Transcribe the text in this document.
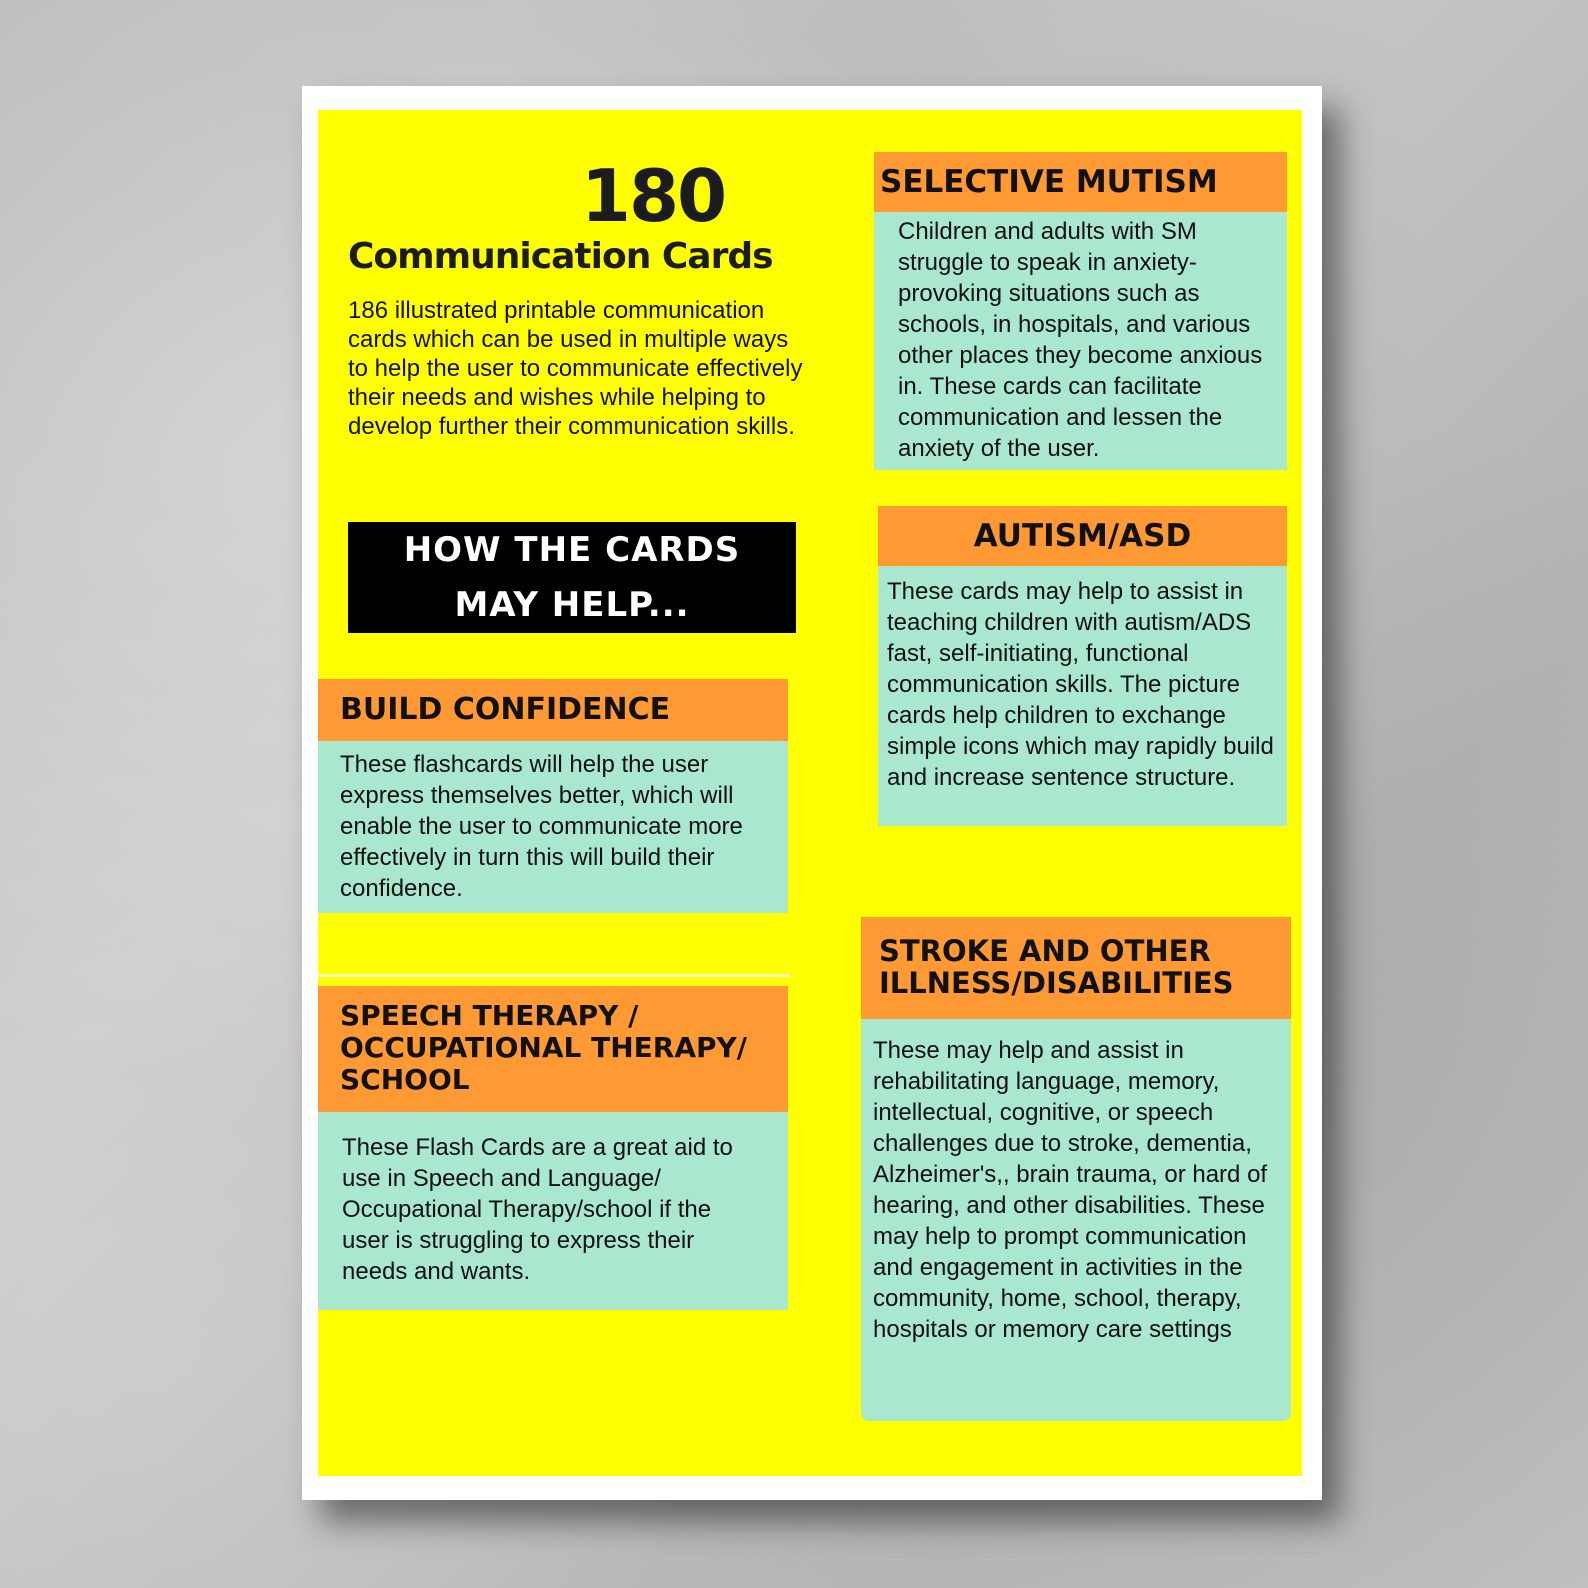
180
Communication Cards

186 illustrated printable communication cards which can be used in multiple ways to help the user to communicate effectively their needs and wishes while helping to develop further their communication skills.

HOW THE CARDS MAY HELP...
BUILD CONFIDENCE
These flashcards will help the user express themselves better, which will enable the user to communicate more effectively in turn this will build their confidence.
SPEECH THERAPY / OCCUPATIONAL THERAPY/ SCHOOL
These Flash Cards are a great aid to use in Speech and Language/ Occupational Therapy/school if the user is struggling to express their needs and wants.
SELECTIVE MUTISM
Children and adults with SM struggle to speak in anxiety-provoking situations such as schools, in hospitals, and various other places they become anxious in. These cards can facilitate communication and lessen the anxiety of the user.
AUTISM/ASD
These cards may help to assist in teaching children with autism/ADS fast, self-initiating, functional communication skills. The picture cards help children to exchange simple icons which may rapidly build and increase sentence structure.
STROKE AND OTHER ILLNESS/DISABILITIES
These may help and assist in rehabilitating language, memory, intellectual, cognitive, or speech challenges due to stroke, dementia, Alzheimer's,, brain trauma, or hard of hearing, and other disabilities. These may help to prompt communication and engagement in activities in the community, home, school, therapy, hospitals or memory care settings
